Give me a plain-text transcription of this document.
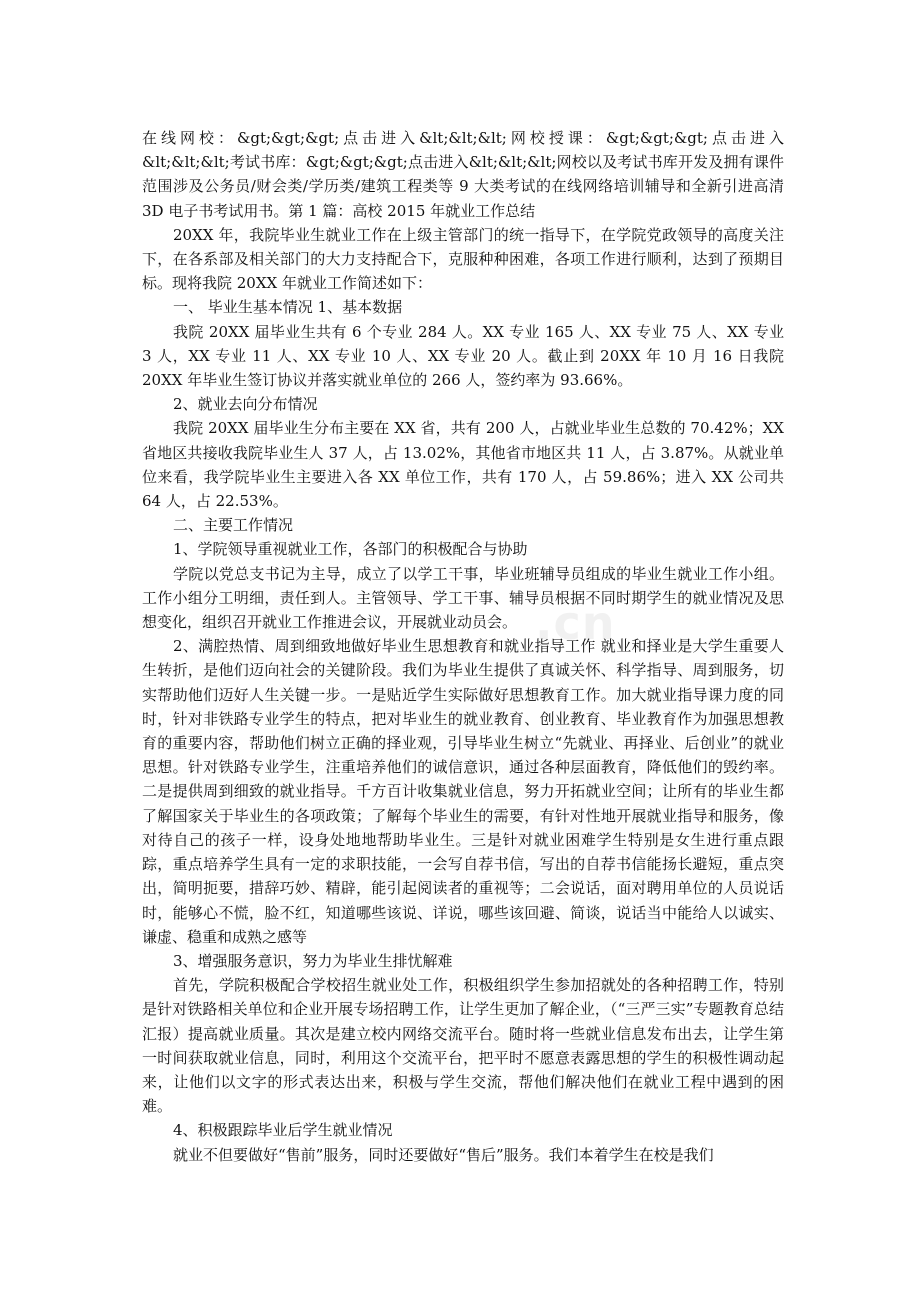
.cn

在线网校：&gt;&gt;&gt;点击进入&lt;&lt;&lt;网校授课：&gt;&gt;&gt;点击进入&lt;&lt;&lt;考试书库：&gt;&gt;&gt;点击进入&lt;&lt;&lt;网校以及考试书库开发及拥有课件范围涉及公务员/财会类/学历类/建筑工程类等 9 大类考试的在线网络培训辅导和全新引进高清 3D 电子书考试用书。第 1 篇：高校 2015 年就业工作总结

20XX 年，我院毕业生就业工作在上级主管部门的统一指导下，在学院党政领导的高度关注下，在各系部及相关部门的大力支持配合下，克服种种困难，各项工作进行顺利，达到了预期目标。现将我院 20XX 年就业工作简述如下：

一、 毕业生基本情况 1、基本数据

我院 20XX 届毕业生共有 6 个专业 284 人。XX 专业 165 人、XX 专业 75 人、XX 专业 3 人，XX 专业 11 人、XX 专业 10 人、XX 专业 20 人。截止到 20XX 年 10 月 16 日我院 20XX 年毕业生签订协议并落实就业单位的 266 人，签约率为 93.66%。

2、就业去向分布情况

我院 20XX 届毕业生分布主要在 XX 省，共有 200 人，占就业毕业生总数的 70.42%；XX 省地区共接收我院毕业生人 37 人，占 13.02%，其他省市地区共 11 人，占 3.87%。从就业单位来看，我学院毕业生主要进入各 XX 单位工作，共有 170 人，占 59.86%；进入 XX 公司共 64 人，占 22.53%。

二、主要工作情况

1、学院领导重视就业工作，各部门的积极配合与协助

学院以党总支书记为主导，成立了以学工干事，毕业班辅导员组成的毕业生就业工作小组。 工作小组分工明细，责任到人。主管领导、学工干事、辅导员根据不同时期学生的就业情况及思想变化，组织召开就业工作推进会议，开展就业动员会。

2、满腔热情、周到细致地做好毕业生思想教育和就业指导工作 就业和择业是大学生重要人生转折，是他们迈向社会的关键阶段。我们为毕业生提供了真诚关怀、科学指导、周到服务，切实帮助他们迈好人生关键一步。一是贴近学生实际做好思想教育工作。加大就业指导课力度的同时，针对非铁路专业学生的特点，把对毕业生的就业教育、创业教育、毕业教育作为加强思想教育的重要内容，帮助他们树立正确的择业观，引导毕业生树立“先就业、再择业、后创业”的就业思想。针对铁路专业学生，注重培养他们的诚信意识，通过各种层面教育，降低他们的毁约率。二是提供周到细致的就业指导。千方百计收集就业信息，努力开拓就业空间；让所有的毕业生都了解国家关于毕业生的各项政策；了解每个毕业生的需要，有针对性地开展就业指导和服务，像对待自己的孩子一样，设身处地地帮助毕业生。三是针对就业困难学生特别是女生进行重点跟踪，重点培养学生具有一定的求职技能，一会写自荐书信，写出的自荐书信能扬长避短，重点突出，简明扼要，措辞巧妙、精辟，能引起阅读者的重视等；二会说话，面对聘用单位的人员说话时，能够心不慌，脸不红，知道哪些该说、详说，哪些该回避、简谈，说话当中能给人以诚实、谦虚、稳重和成熟之感等

3、增强服务意识，努力为毕业生排忧解难

首先，学院积极配合学校招生就业处工作，积极组织学生参加招就处的各种招聘工作，特别是针对铁路相关单位和企业开展专场招聘工作，让学生更加了解企业，（“三严三实”专题教育总结汇报）提高就业质量。其次是建立校内网络交流平台。随时将一些就业信息发布出去，让学生第一时间获取就业信息，同时，利用这个交流平台，把平时不愿意表露思想的学生的积极性调动起来，让他们以文字的形式表达出来，积极与学生交流，帮他们解决他们在就业工程中遇到的困难。

4、积极跟踪毕业后学生就业情况

就业不但要做好“售前”服务，同时还要做好“售后”服务。我们本着学生在校是我们
